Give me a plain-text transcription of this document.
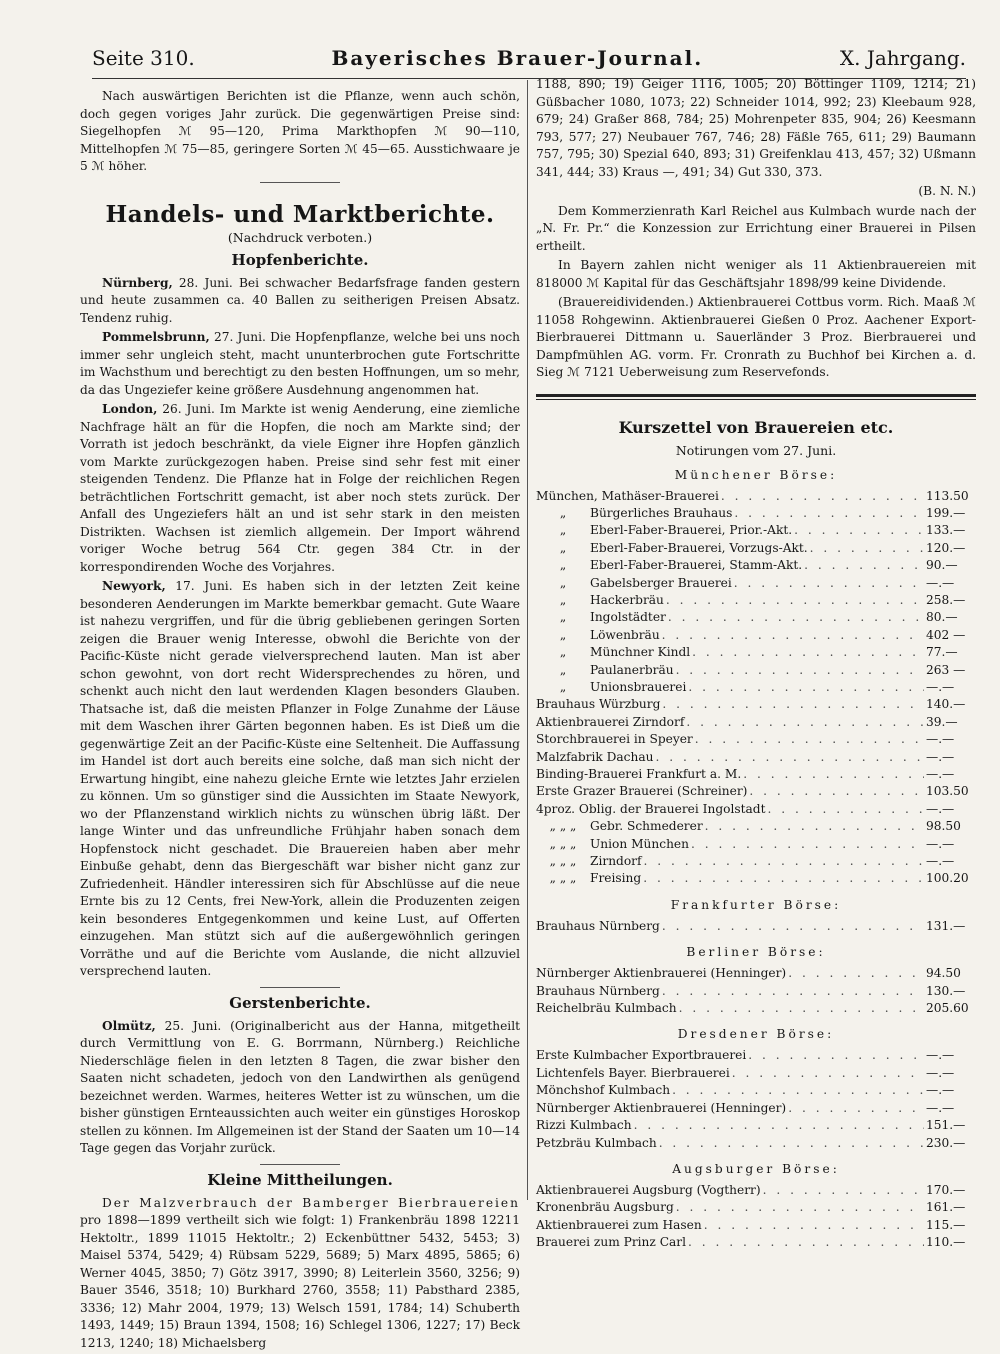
Seite 310.	Bayerisches Brauer-Journal.	X. Jahrgang.

Nach auswärtigen Berichten ist die Pflanze, wenn auch schön, doch gegen voriges Jahr zurück. Die gegenwärtigen Preise sind: Siegelhopfen ℳ 95—120, Prima Markthopfen ℳ 90—110, Mittelhopfen ℳ 75—85, geringere Sorten ℳ 45—65. Ausstichwaare je 5 ℳ höher.

Handels- und Marktberichte.
(Nachdruck verboten.)
Hopfenberichte.

Nürnberg, 28. Juni. Bei schwacher Bedarfsfrage fanden gestern und heute zusammen ca. 40 Ballen zu seitherigen Preisen Absatz. Tendenz ruhig.

Pommelsbrunn, 27. Juni. Die Hopfenpflanze, welche bei uns noch immer sehr ungleich steht, macht ununterbrochen gute Fortschritte im Wachsthum und berechtigt zu den besten Hoffnungen, um so mehr, da das Ungeziefer keine größere Ausdehnung angenommen hat.

London, 26. Juni. Im Markte ist wenig Aenderung, eine ziemliche Nachfrage hält an für die Hopfen, die noch am Markte sind; der Vorrath ist jedoch beschränkt, da viele Eigner ihre Hopfen gänzlich vom Markte zurückgezogen haben. Preise sind sehr fest mit einer steigenden Tendenz. Die Pflanze hat in Folge der reichlichen Regen beträchtlichen Fortschritt gemacht, ist aber noch stets zurück. Der Anfall des Ungeziefers hält an und ist sehr stark in den meisten Distrikten. Wachsen ist ziemlich allgemein. Der Import während voriger Woche betrug 564 Ctr. gegen 384 Ctr. in der korrespondirenden Woche des Vorjahres.

Newyork, 17. Juni. Es haben sich in der letzten Zeit keine besonderen Aenderungen im Markte bemerkbar gemacht. Gute Waare ist nahezu vergriffen, und für die übrig gebliebenen geringen Sorten zeigen die Brauer wenig Interesse, obwohl die Berichte von der Pacific-Küste nicht gerade vielversprechend lauten. Man ist aber schon gewohnt, von dort recht Widersprechendes zu hören, und schenkt auch nicht den laut werdenden Klagen besonders Glauben. Thatsache ist, daß die meisten Pflanzer in Folge Zunahme der Läuse mit dem Waschen ihrer Gärten begonnen haben. Es ist Dieß um die gegenwärtige Zeit an der Pacific-Küste eine Seltenheit. Die Auffassung im Handel ist dort auch bereits eine solche, daß man sich nicht der Erwartung hingibt, eine nahezu gleiche Ernte wie letztes Jahr erzielen zu können. Um so günstiger sind die Aussichten im Staate Newyork, wo der Pflanzenstand wirklich nichts zu wünschen übrig läßt. Der lange Winter und das unfreundliche Frühjahr haben sonach dem Hopfenstock nicht geschadet. Die Brauereien haben aber mehr Einbuße gehabt, denn das Biergeschäft war bisher nicht ganz zur Zufriedenheit. Händler interessiren sich für Abschlüsse auf die neue Ernte bis zu 12 Cents, frei New-York, allein die Produzenten zeigen kein besonderes Entgegenkommen und keine Lust, auf Offerten einzugehen. Man stützt sich auf die außergewöhnlich geringen Vorräthe und auf die Berichte vom Auslande, die nicht allzuviel versprechend lauten.

Gerstenberichte.

Olmütz, 25. Juni. (Originalbericht aus der Hanna, mitgetheilt durch Vermittlung von E. G. Borrmann, Nürnberg.) Reichliche Niederschläge fielen in den letzten 8 Tagen, die zwar bisher den Saaten nicht schadeten, jedoch von den Landwirthen als genügend bezeichnet werden. Warmes, heiteres Wetter ist zu wünschen, um die bisher günstigen Ernteaussichten auch weiter ein günstiges Horoskop stellen zu können. Im Allgemeinen ist der Stand der Saaten um 10—14 Tage gegen das Vorjahr zurück.

Kleine Mittheilungen.

Der Malzverbrauch der Bamberger Bierbrauereien pro 1898—1899 vertheilt sich wie folgt: 1) Frankenbräu 1898 12211 Hektoltr., 1899 11015 Hektoltr.; 2) Eckenbüttner 5432, 5453; 3) Maisel 5374, 5429; 4) Rübsam 5229, 5689; 5) Marx 4895, 5865; 6) Werner 4045, 3850; 7) Götz 3917, 3990; 8) Leiterlein 3560, 3256; 9) Bauer 3546, 3518; 10) Burkhard 2760, 3558; 11) Pabsthard 2385, 3336; 12) Mahr 2004, 1979; 13) Welsch 1591, 1784; 14) Schuberth 1493, 1449; 15) Braun 1394, 1508; 16) Schlegel 1306, 1227; 17) Beck 1213, 1240; 18) Michaelsberg

1188, 890; 19) Geiger 1116, 1005; 20) Böttinger 1109, 1214; 21) Güßbacher 1080, 1073; 22) Schneider 1014, 992; 23) Kleebaum 928, 679; 24) Graßer 868, 784; 25) Mohrenpeter 835, 904; 26) Keesmann 793, 577; 27) Neubauer 767, 746; 28) Fäßle 765, 611; 29) Baumann 757, 795; 30) Spezial 640, 893; 31) Greifenklau 413, 457; 32) Ußmann 341, 444; 33) Kraus —, 491; 34) Gut 330, 373.

(B. N. N.)

Dem Kommerzienrath Karl Reichel aus Kulmbach wurde nach der „N. Fr. Pr.“ die Konzession zur Errichtung einer Brauerei in Pilsen ertheilt.

In Bayern zahlen nicht weniger als 11 Aktienbrauereien mit 818000 ℳ Kapital für das Geschäftsjahr 1898/99 keine Dividende.

(Brauereidividenden.) Aktienbrauerei Cottbus vorm. Rich. Maaß ℳ 11058 Rohgewinn. Aktienbrauerei Gießen 0 Proz. Aachener Export-Bierbrauerei Dittmann u. Sauerländer 3 Proz. Bierbrauerei und Dampfmühlen AG. vorm. Fr. Cronrath zu Buchhof bei Kirchen a. d. Sieg ℳ 7121 Ueberweisung zum Reservefonds.

Kurszettel von Brauereien etc.
Notirungen vom 27. Juni.
Münchener Börse:
München, Mathäser-Brauerei . . .	113.50
„	Bürgerliches Brauhaus . . .	199.—
„	Eberl-Faber-Brauerei, Prior.-Akt. . . .	133.—
„	Eberl-Faber-Brauerei, Vorzugs-Akt. . . .	120.—
„	Eberl-Faber-Brauerei, Stamm-Akt. . . .	90.—
„	Gabelsberger Brauerei . . .	—.—
„	Hackerbräu . . .	258.—
„	Ingolstädter . . .	80.—
„	Löwenbräu . . .	402 —
„	Münchner Kindl . . .	77.—
„	Paulanerbräu . . .	263 —
„	Unionsbrauerei . . .	—.—
Brauhaus Würzburg . . .	140.—
Aktienbrauerei Zirndorf . . .	39.—
Storchbrauerei in Speyer . . .	—.—
Malzfabrik Dachau . . .	—.—
Binding-Brauerei Frankfurt a. M. . . .	—.—
Erste Grazer Brauerei (Schreiner) . . .	103.50
4proz. Oblig. der Brauerei Ingolstadt . . .	—.—
„ „ „	Gebr. Schmederer . . .	98.50
„ „ „	Union München . . .	—.—
„ „ „	Zirndorf . . .	—.—
„ „ „	Freising . . .	100.20
Frankfurter Börse:
Brauhaus Nürnberg . . .	131.—
Berliner Börse:
Nürnberger Aktienbrauerei (Henninger) . . .	94.50
Brauhaus Nürnberg . . .	130.—
Reichelbräu Kulmbach . . .	205.60
Dresdener Börse:
Erste Kulmbacher Exportbrauerei . . .	—.—
Lichtenfels Bayer. Bierbrauerei . . .	—.—
Mönchshof Kulmbach . . .	—.—
Nürnberger Aktienbrauerei (Henninger) . . .	—.—
Rizzi Kulmbach . . .	151.—
Petzbräu Kulmbach . . .	230.—
Augsburger Börse:
Aktienbrauerei Augsburg (Vogtherr) . . .	170.—
Kronenbräu Augsburg . . .	161.—
Aktienbrauerei zum Hasen . . .	115.—
Brauerei zum Prinz Carl . . .	110.—
